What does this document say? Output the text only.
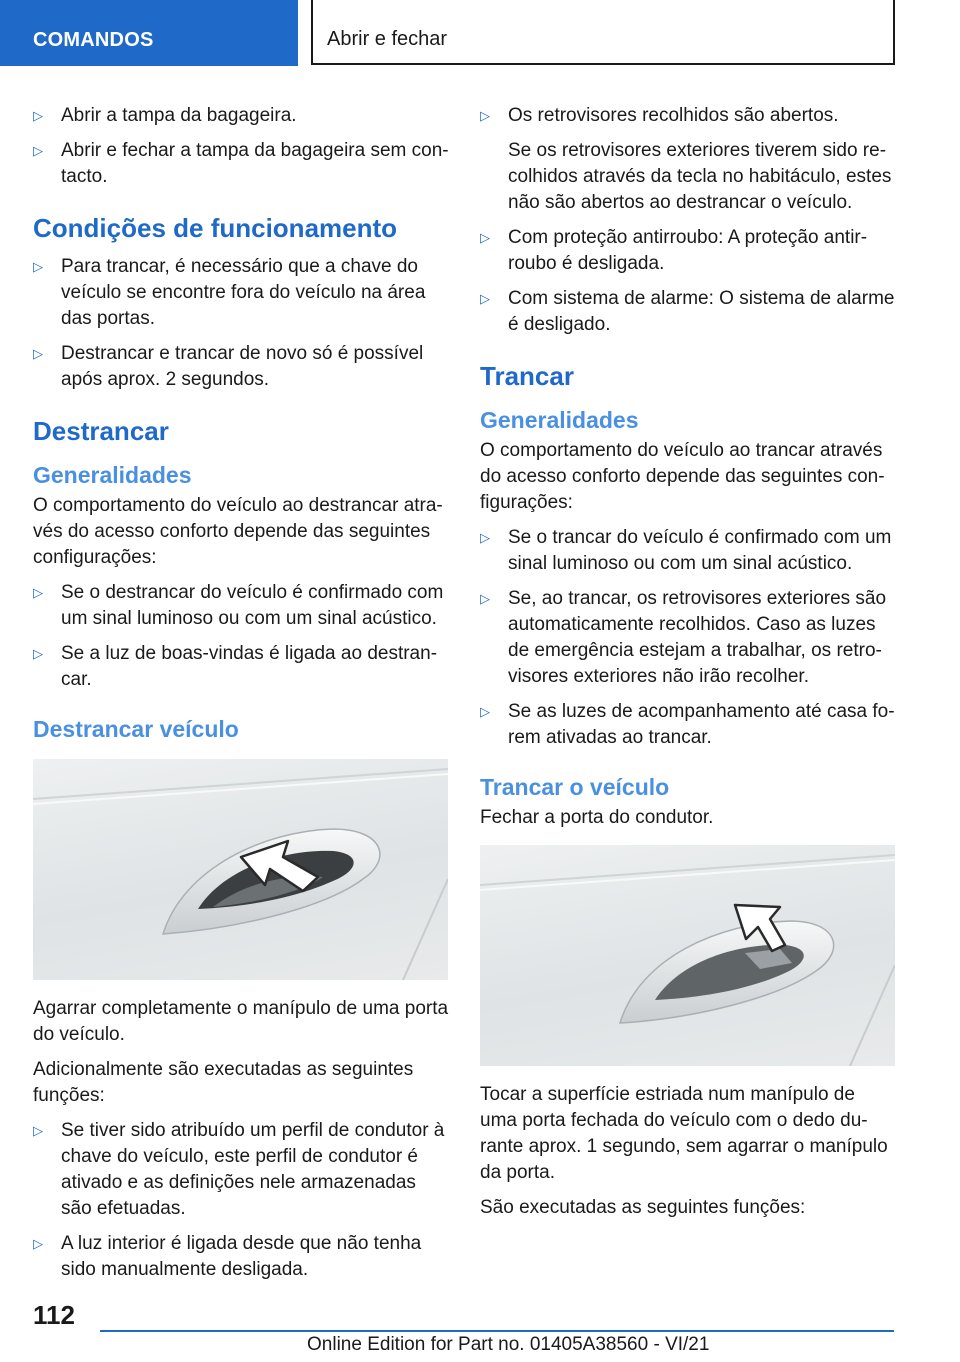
COMANDOS	Abrir e fechar
▷ Abrir a tampa da bagageira.
▷ Abrir e fechar a tampa da bagageira sem con-tacto.
Condições de funcionamento
▷ Para trancar, é necessário que a chave do veículo se encontre fora do veículo na área das portas.
▷ Destrancar e trancar de novo só é possível após aprox. 2 segundos.
Destrancar
Generalidades
O comportamento do veículo ao destrancar atra-vés do acesso conforto depende das seguintes configurações:
▷ Se o destrancar do veículo é confirmado com um sinal luminoso ou com um sinal acústico.
▷ Se a luz de boas-vindas é ligada ao destran-car.
Destrancar veículo
Agarrar completamente o manípulo de uma porta do veículo.
Adicionalmente são executadas as seguintes funções:
▷ Se tiver sido atribuído um perfil de condutor à chave do veículo, este perfil de condutor é ativado e as definições nele armazenadas são efetuadas.
▷ A luz interior é ligada desde que não tenha sido manualmente desligada.
▷ Os retrovisores recolhidos são abertos.
Se os retrovisores exteriores tiverem sido re-colhidos através da tecla no habitáculo, estes não são abertos ao destrancar o veículo.
▷ Com proteção antirroubo: A proteção antir-roubo é desligada.
▷ Com sistema de alarme: O sistema de alarme é desligado.
Trancar
Generalidades
O comportamento do veículo ao trancar através do acesso conforto depende das seguintes con-figurações:
▷ Se o trancar do veículo é confirmado com um sinal luminoso ou com um sinal acústico.
▷ Se, ao trancar, os retrovisores exteriores são automaticamente recolhidos. Caso as luzes de emergência estejam a trabalhar, os retro-visores exteriores não irão recolher.
▷ Se as luzes de acompanhamento até casa fo-rem ativadas ao trancar.
Trancar o veículo
Fechar a porta do condutor.
Tocar a superfície estriada num manípulo de uma porta fechada do veículo com o dedo du-rante aprox. 1 segundo, sem agarrar o manípulo da porta.
São executadas as seguintes funções:
112
Online Edition for Part no. 01405A38560 - VI/21
